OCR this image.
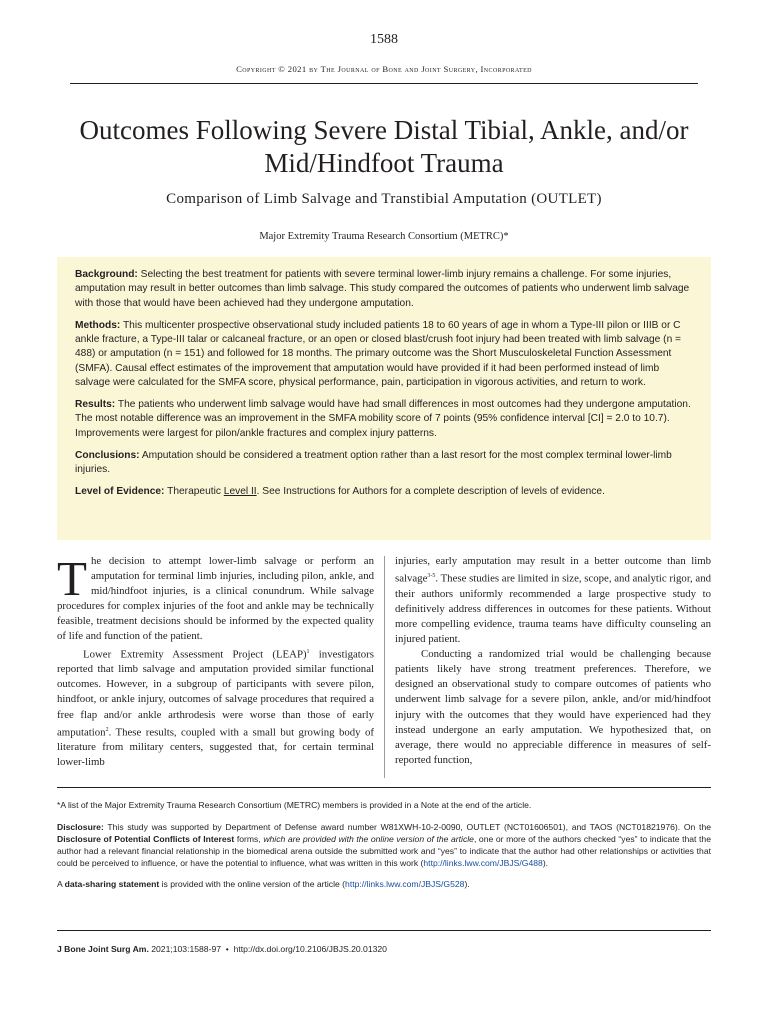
1588
Copyright © 2021 by The Journal of Bone and Joint Surgery, Incorporated
Outcomes Following Severe Distal Tibial, Ankle, and/or Mid/Hindfoot Trauma
Comparison of Limb Salvage and Transtibial Amputation (OUTLET)
Major Extremity Trauma Research Consortium (METRC)*

Background: Selecting the best treatment for patients with severe terminal lower-limb injury remains a challenge. For some injuries, amputation may result in better outcomes than limb salvage. This study compared the outcomes of patients who underwent limb salvage with those that would have been achieved had they undergone amputation.

Methods: This multicenter prospective observational study included patients 18 to 60 years of age in whom a Type-III pilon or IIIB or C ankle fracture, a Type-III talar or calcaneal fracture, or an open or closed blast/crush foot injury had been treated with limb salvage (n = 488) or amputation (n = 151) and followed for 18 months. The primary outcome was the Short Musculoskeletal Function Assessment (SMFA). Causal effect estimates of the improvement that amputation would have provided if it had been performed instead of limb salvage were calculated for the SMFA score, physical performance, pain, participation in vigorous activities, and return to work.

Results: The patients who underwent limb salvage would have had small differences in most outcomes had they undergone amputation. The most notable difference was an improvement in the SMFA mobility score of 7 points (95% confidence interval [CI] = 2.0 to 10.7). Improvements were largest for pilon/ankle fractures and complex injury patterns.

Conclusions: Amputation should be considered a treatment option rather than a last resort for the most complex terminal lower-limb injuries.

Level of Evidence: Therapeutic Level II. See Instructions for Authors for a complete description of levels of evidence.

The decision to attempt lower-limb salvage or perform an amputation for terminal limb injuries, including pilon, ankle, and mid/hindfoot injuries, is a clinical conundrum. While salvage procedures for complex injuries of the foot and ankle may be technically feasible, treatment decisions should be informed by the expected quality of life and function of the patient.

Lower Extremity Assessment Project (LEAP)$^1$ investigators reported that limb salvage and amputation provided similar functional outcomes. However, in a subgroup of participants with severe pilon, hindfoot, or ankle injury, outcomes of salvage procedures that required a free flap and/or ankle arthrodesis were worse than those of early amputation$^2$. These results, coupled with a small but growing body of literature from military centers, suggested that, for certain terminal lower-limb

injuries, early amputation may result in a better outcome than limb salvage$^{3-5}$. These studies are limited in size, scope, and analytic rigor, and their authors uniformly recommended a large prospective study to definitively address differences in outcomes for these patients. Without more compelling evidence, trauma teams have difficulty counseling an injured patient.

Conducting a randomized trial would be challenging because patients likely have strong treatment preferences. Therefore, we designed an observational study to compare outcomes of patients who underwent limb salvage for a severe pilon, ankle, and/or mid/hindfoot injury with the outcomes that they would have experienced had they instead undergone an early amputation. We hypothesized that, on average, there would no appreciable difference in measures of self-reported function,

*A list of the Major Extremity Trauma Research Consortium (METRC) members is provided in a Note at the end of the article.

Disclosure: This study was supported by Department of Defense award number W81XWH-10-2-0090, OUTLET (NCT01606501), and TAOS (NCT01821976). On the Disclosure of Potential Conflicts of Interest forms, which are provided with the online version of the article, one or more of the authors checked “yes” to indicate that the author had a relevant financial relationship in the biomedical arena outside the submitted work and “yes” to indicate that the author had other relationships or activities that could be perceived to influence, or have the potential to influence, what was written in this work (http://links.lww.com/JBJS/G488).

A data-sharing statement is provided with the online version of the article (http://links.lww.com/JBJS/G528).

J Bone Joint Surg Am. 2021;103:1588-97 • http://dx.doi.org/10.2106/JBJS.20.01320
